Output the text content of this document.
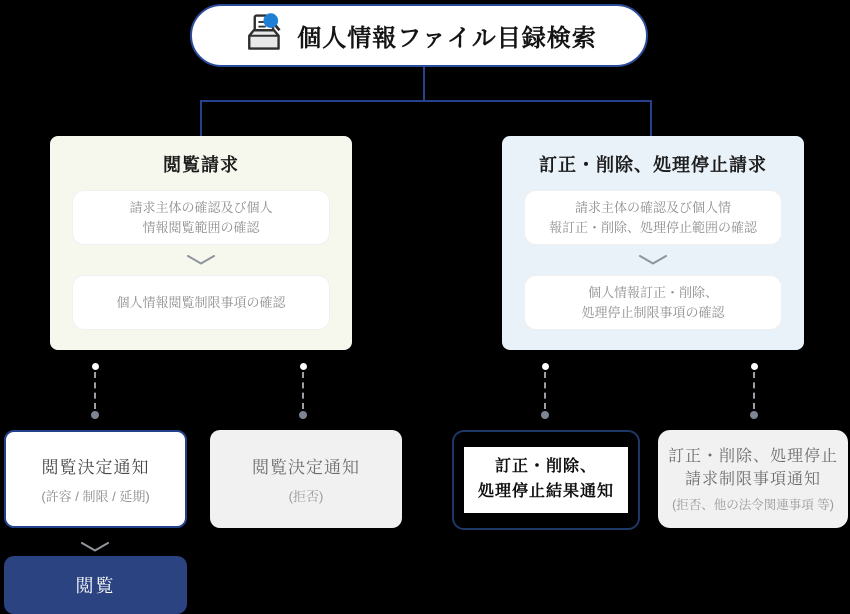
個人情報ファイル目録検索
閲覧請求
請求主体の確認及び個人
情報閲覧範囲の確認
個人情報閲覧制限事項の確認
訂正・削除、処理停止請求
請求主体の確認及び個人情
報訂正・削除、処理停止範囲の確認
個人情報訂正・削除、
処理停止制限事項の確認
閲覧決定通知
(許容 / 制限 / 延期)
閲覧決定通知
(拒否)
訂正・削除、
処理停止結果通知
訂正・削除、処理停止
請求制限事項通知
(拒否、他の法令関連事項 等)
閲覧
